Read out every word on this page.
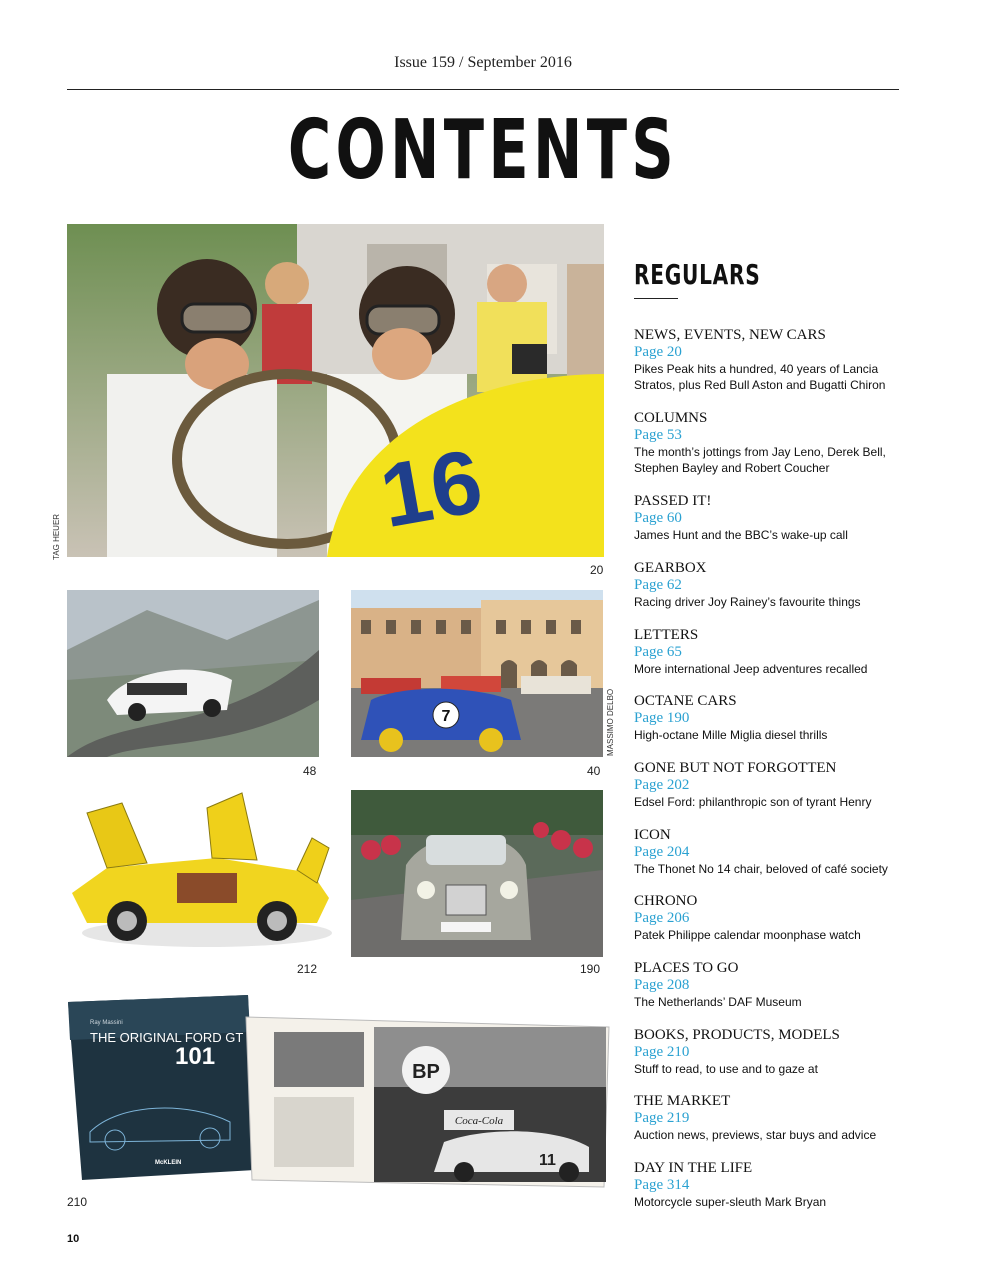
Issue 159 / September 2016
CONTENTS
16
20
TAG HEUER
48
7
40
MASSIMO DELBO
212	190
Ray Massini
THE ORIGINAL FORD GT
101
McKLEIN
210
BP
Coca-Cola
11
REGULARS
NEWS, EVENTS, NEW CARS
Page 20
Pikes Peak hits a hundred, 40 years of Lancia
Stratos, plus Red Bull Aston and Bugatti Chiron
COLUMNS
Page 53
The month’s jottings from Jay Leno, Derek Bell,
Stephen Bayley and Robert Coucher
PASSED IT!
Page 60
James Hunt and the BBC’s wake-up call
GEARBOX
Page 62
Racing driver Joy Rainey’s favourite things
LETTERS
Page 65
More international Jeep adventures recalled
OCTANE CARS
Page 190
High-octane Mille Miglia diesel thrills
GONE BUT NOT FORGOTTEN
Page 202
Edsel Ford: philanthropic son of tyrant Henry
ICON
Page 204
The Thonet No 14 chair, beloved of café society
CHRONO
Page 206
Patek Philippe calendar moonphase watch
PLACES TO GO
Page 208
The Netherlands’ DAF Museum
BOOKS, PRODUCTS, MODELS
Page 210
Stuff to read, to use and to gaze at
THE MARKET
Page 219
Auction news, previews, star buys and advice
DAY IN THE LIFE
Page 314
Motorcycle super-sleuth Mark Bryan
10
